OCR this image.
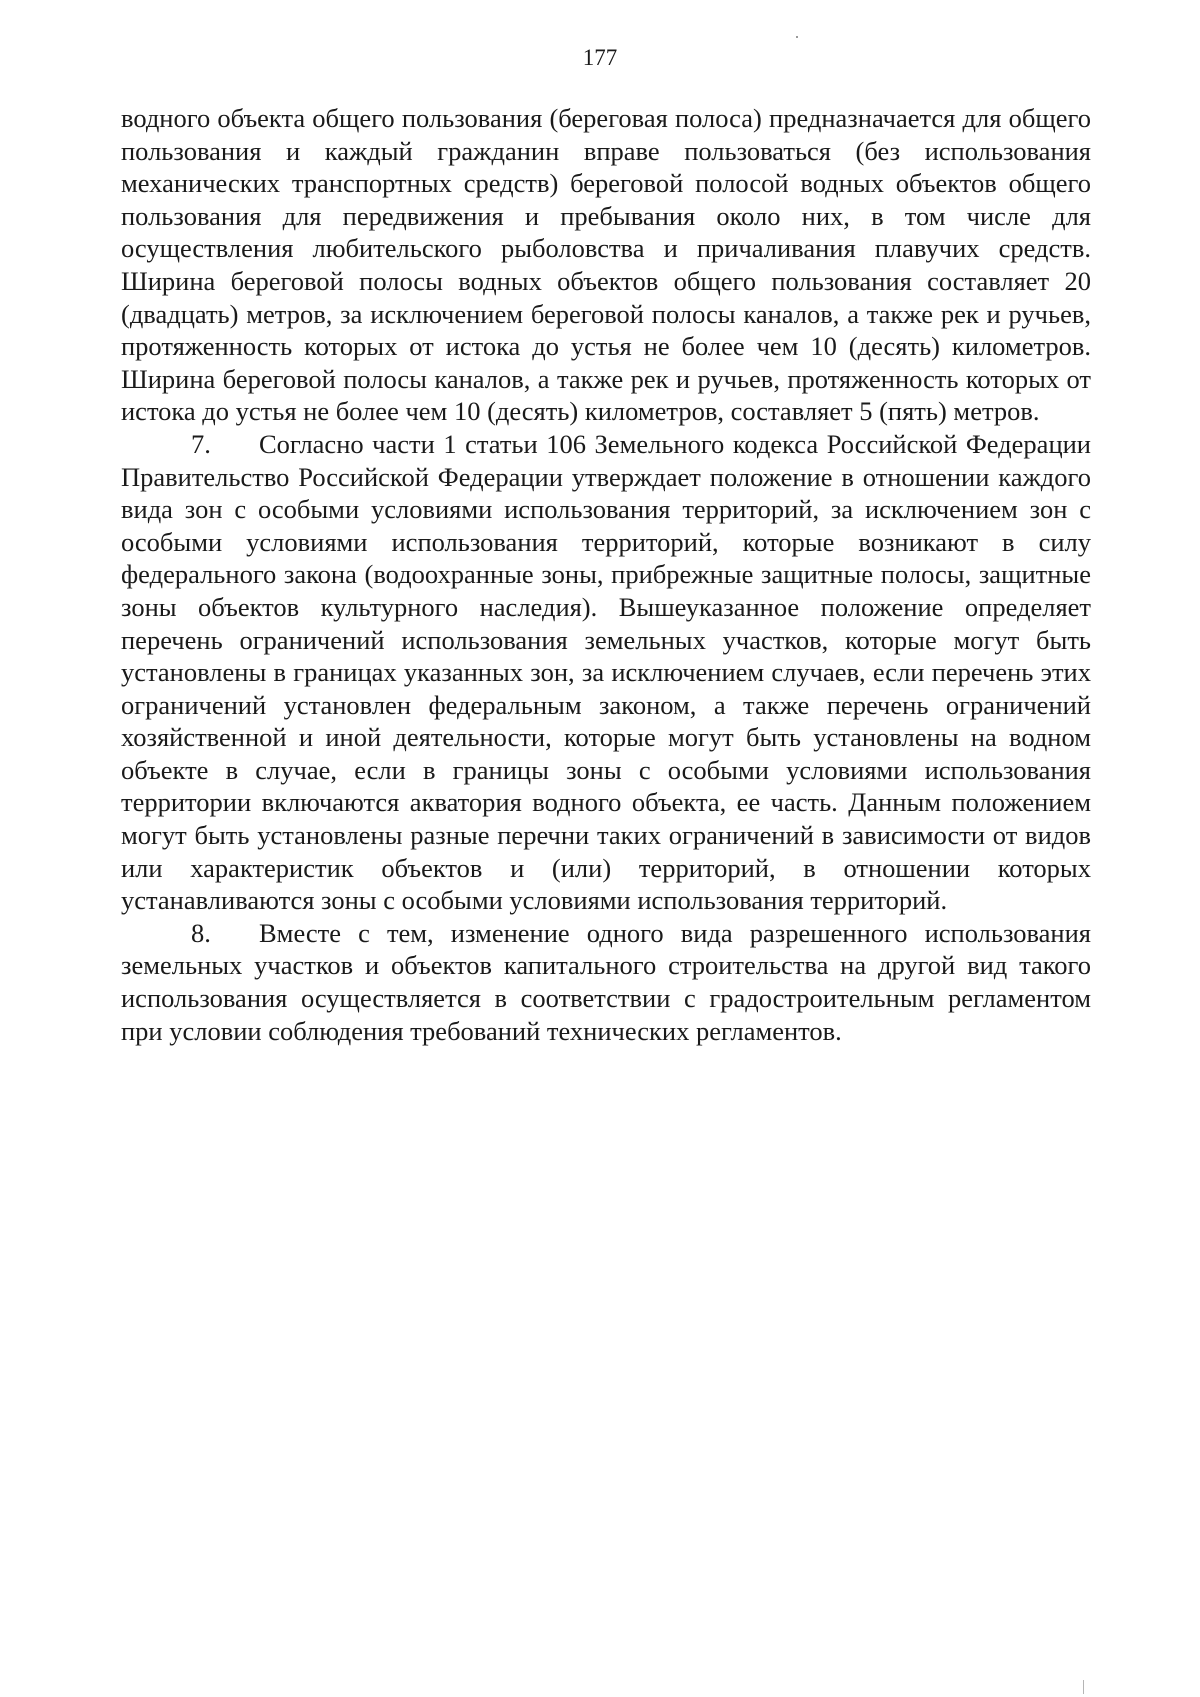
177

водного объекта общего пользования (береговая полоса) предназначается для общего пользования и каждый гражданин вправе пользоваться (без использования механических транспортных средств) береговой полосой водных объектов общего пользования для передвижения и пребывания около них, в том числе для осуществления любительского рыболовства и причаливания плавучих средств. Ширина береговой полосы водных объектов общего пользования составляет 20 (двадцать) метров, за исключением береговой полосы каналов, а также рек и ручьев, протяженность которых от истока до устья не более чем 10 (десять) километров. Ширина береговой полосы каналов, а также рек и ручьев, протяженность которых от истока до устья не более чем 10 (десять) километров, составляет 5 (пять) метров.

7. Согласно части 1 статьи 106 Земельного кодекса Российской Федерации Правительство Российской Федерации утверждает положение в отношении каждого вида зон с особыми условиями использования территорий, за исключением зон с особыми условиями использования территорий, которые возникают в силу федерального закона (водоохранные зоны, прибрежные защитные полосы, защитные зоны объектов культурного наследия). Вышеуказанное положение определяет перечень ограничений использования земельных участков, которые могут быть установлены в границах указанных зон, за исключением случаев, если перечень этих ограничений установлен федеральным законом, а также перечень ограничений хозяйственной и иной деятельности, которые могут быть установлены на водном объекте в случае, если в границы зоны с особыми условиями использования территории включаются акватория водного объекта, ее часть. Данным положением могут быть установлены разные перечни таких ограничений в зависимости от видов или характеристик объектов и (или) территорий, в отношении которых устанавливаются зоны с особыми условиями использования территорий.

8. Вместе с тем, изменение одного вида разрешенного использования земельных участков и объектов капитального строительства на другой вид такого использования осуществляется в соответствии с градостроительным регламентом при условии соблюдения требований технических регламентов.
